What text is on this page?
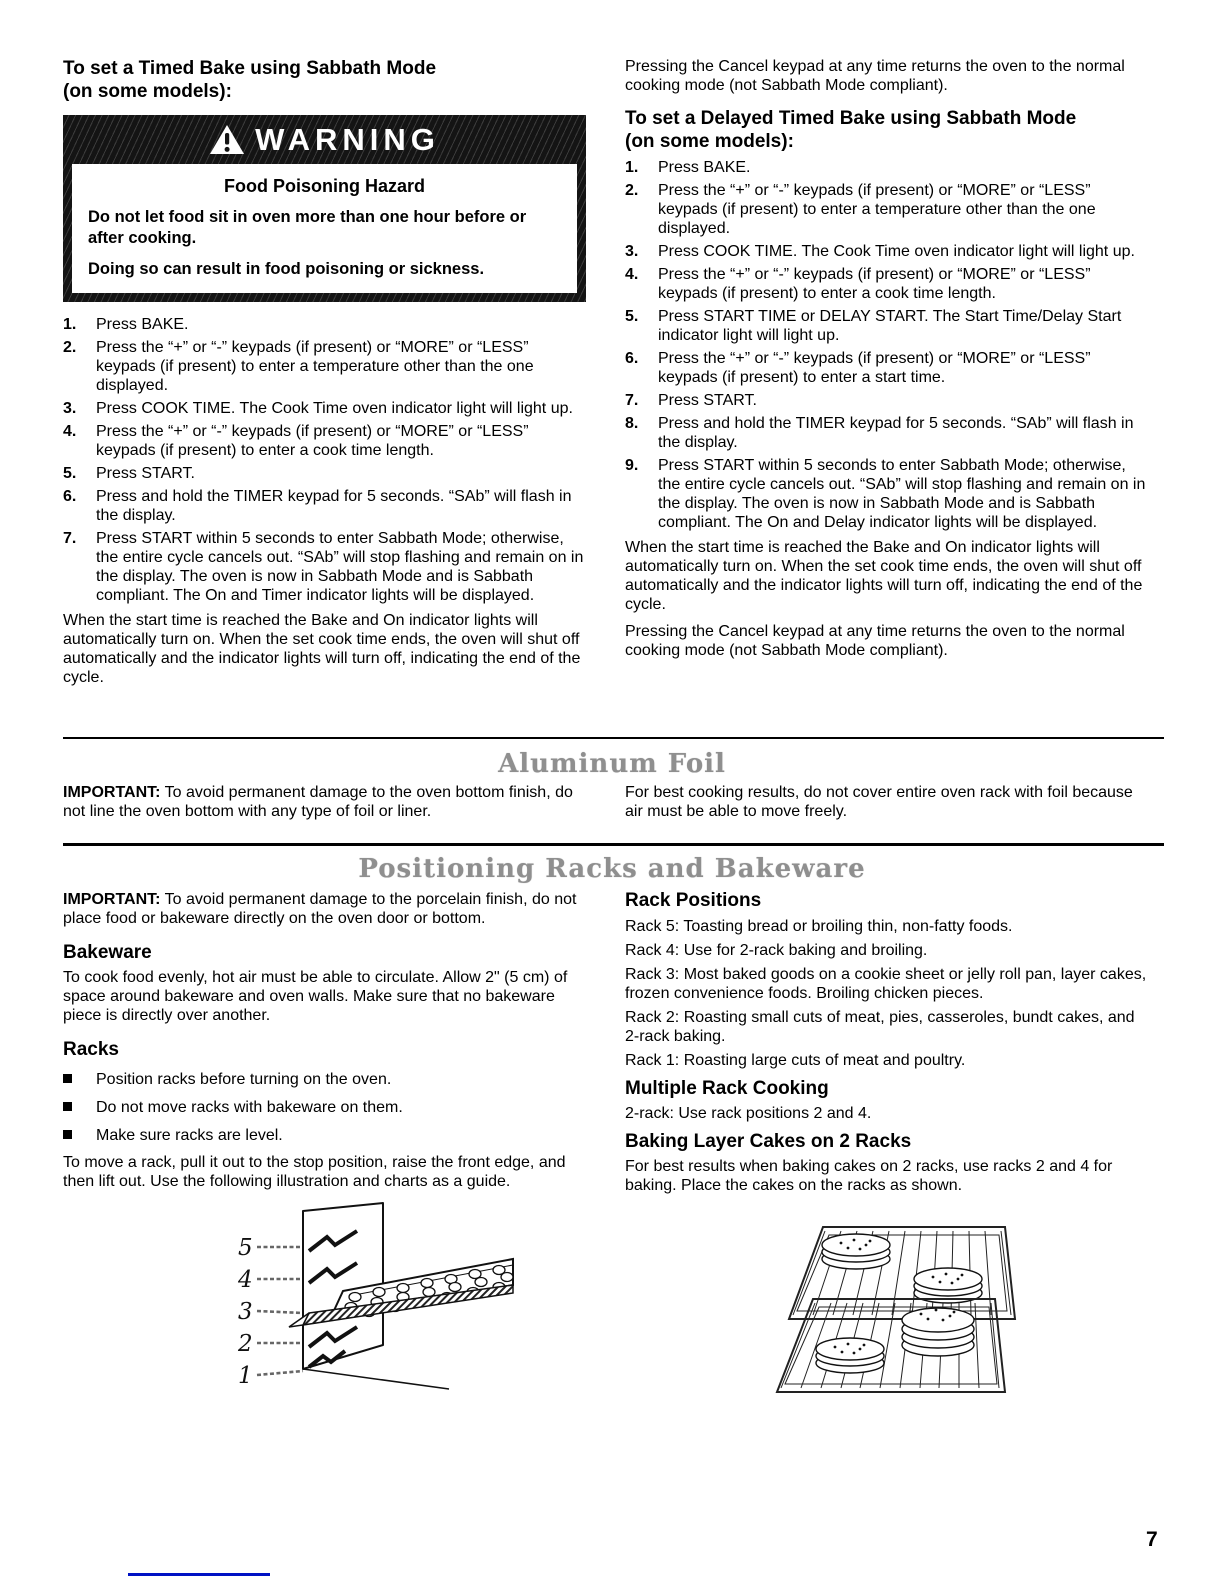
To set a Timed Bake using Sabbath Mode
(on some models):
WARNING
Food Poisoning Hazard

Do not let food sit in oven more than one hour before or after cooking.

Doing so can result in food poisoning or sickness.

1.	Press BAKE.
2.	Press the “+” or “-” keypads (if present) or “MORE” or “LESS” keypads (if present) to enter a temperature other than the one displayed.
3.	Press COOK TIME. The Cook Time oven indicator light will light up.
4.	Press the “+” or “-” keypads (if present) or “MORE” or “LESS” keypads (if present) to enter a cook time length.
5.	Press START.
6.	Press and hold the TIMER keypad for 5 seconds. “SAb” will flash in the display.
7.	Press START within 5 seconds to enter Sabbath Mode; otherwise, the entire cycle cancels out. “SAb” will stop flashing and remain on in the display. The oven is now in Sabbath Mode and is Sabbath compliant. The On and Timer indicator lights will be displayed.

When the start time is reached the Bake and On indicator lights will automatically turn on. When the set cook time ends, the oven will shut off automatically and the indicator lights will turn off, indicating the end of the cycle.

Pressing the Cancel keypad at any time returns the oven to the normal cooking mode (not Sabbath Mode compliant).

To set a Delayed Timed Bake using Sabbath Mode
(on some models):
1.	Press BAKE.
2.	Press the “+” or “-” keypads (if present) or “MORE” or “LESS” keypads (if present) to enter a temperature other than the one displayed.
3.	Press COOK TIME. The Cook Time oven indicator light will light up.
4.	Press the “+” or “-” keypads (if present) or “MORE” or “LESS” keypads (if present) to enter a cook time length.
5.	Press START TIME or DELAY START. The Start Time/Delay Start indicator light will light up.
6.	Press the “+” or “-” keypads (if present) or “MORE” or “LESS” keypads (if present) to enter a start time.
7.	Press START.
8.	Press and hold the TIMER keypad for 5 seconds. “SAb” will flash in the display.
9.	Press START within 5 seconds to enter Sabbath Mode; otherwise, the entire cycle cancels out. “SAb” will stop flashing and remain on in the display. The oven is now in Sabbath Mode and is Sabbath compliant. The On and Delay indicator lights will be displayed.

When the start time is reached the Bake and On indicator lights will automatically turn on. When the set cook time ends, the oven will shut off automatically and the indicator lights will turn off, indicating the end of the cycle.

Pressing the Cancel keypad at any time returns the oven to the normal cooking mode (not Sabbath Mode compliant).

Aluminum Foil

IMPORTANT: To avoid permanent damage to the oven bottom finish, do not line the oven bottom with any type of foil or liner.

For best cooking results, do not cover entire oven rack with foil because air must be able to move freely.

Positioning Racks and Bakeware

IMPORTANT: To avoid permanent damage to the porcelain finish, do not place food or bakeware directly on the oven door or bottom.

Bakeware

To cook food evenly, hot air must be able to circulate. Allow 2" (5 cm) of space around bakeware and oven walls. Make sure that no bakeware piece is directly over another.

Racks
Position racks before turning on the oven.
Do not move racks with bakeware on them.
Make sure racks are level.

To move a rack, pull it out to the stop position, raise the front edge, and then lift out. Use the following illustration and charts as a guide.

5
4
3
2
1
Rack Positions

Rack 5: Toasting bread or broiling thin, non-fatty foods.

Rack 4: Use for 2-rack baking and broiling.

Rack 3: Most baked goods on a cookie sheet or jelly roll pan, layer cakes, frozen convenience foods. Broiling chicken pieces.

Rack 2: Roasting small cuts of meat, pies, casseroles, bundt cakes, and 2-rack baking.

Rack 1: Roasting large cuts of meat and poultry.

Multiple Rack Cooking

2-rack: Use rack positions 2 and 4.

Baking Layer Cakes on 2 Racks

For best results when baking cakes on 2 racks, use racks 2 and 4 for baking. Place the cakes on the racks as shown.

7
